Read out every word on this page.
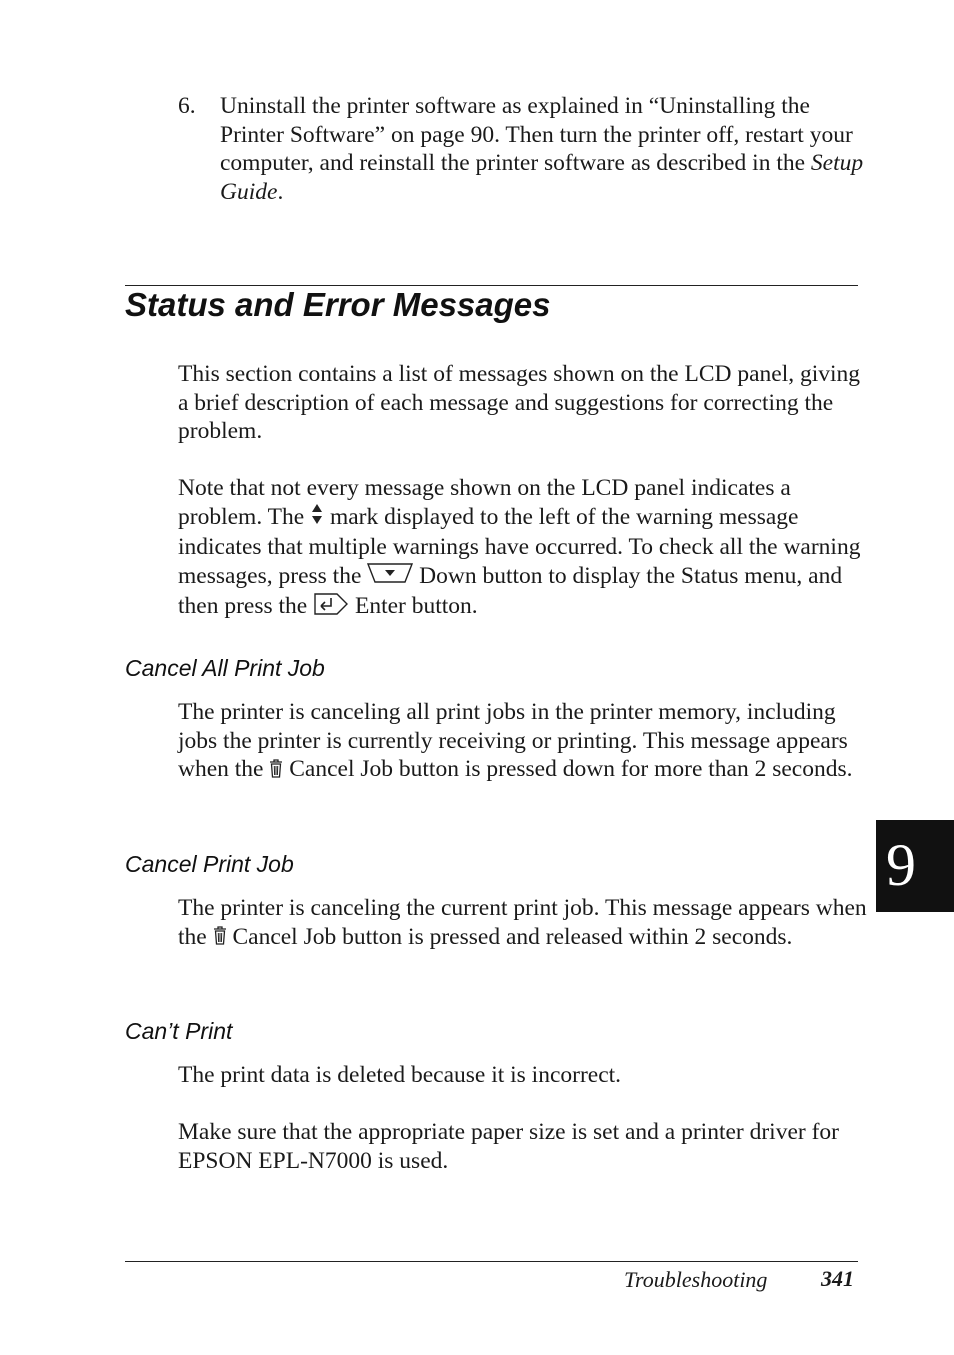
6. Uninstall the printer software as explained in “Uninstalling the Printer Software” on page 90. Then turn the printer off, restart your computer, and reinstall the printer software as described in the Setup Guide.

Status and Error Messages

This section contains a list of messages shown on the LCD panel, giving a brief description of each message and suggestions for correcting the problem.

Note that not every message shown on the LCD panel indicates a problem. The  mark displayed to the left of the warning message indicates that multiple warnings have occurred. To check all the warning messages, press the  Down button to display the Status menu, and then press the  Enter button.

Cancel All Print Job

The printer is canceling all print jobs in the printer memory, including jobs the printer is currently receiving or printing. This message appears when the  Cancel Job button is pressed down for more than 2 seconds.

Cancel Print Job

The printer is canceling the current print job. This message appears when the  Cancel Job button is pressed and released within 2 seconds.

Can’t Print

The print data is deleted because it is incorrect.

Make sure that the appropriate paper size is set and a printer driver for EPSON EPL-N7000 is used.

9
Troubleshooting 341
